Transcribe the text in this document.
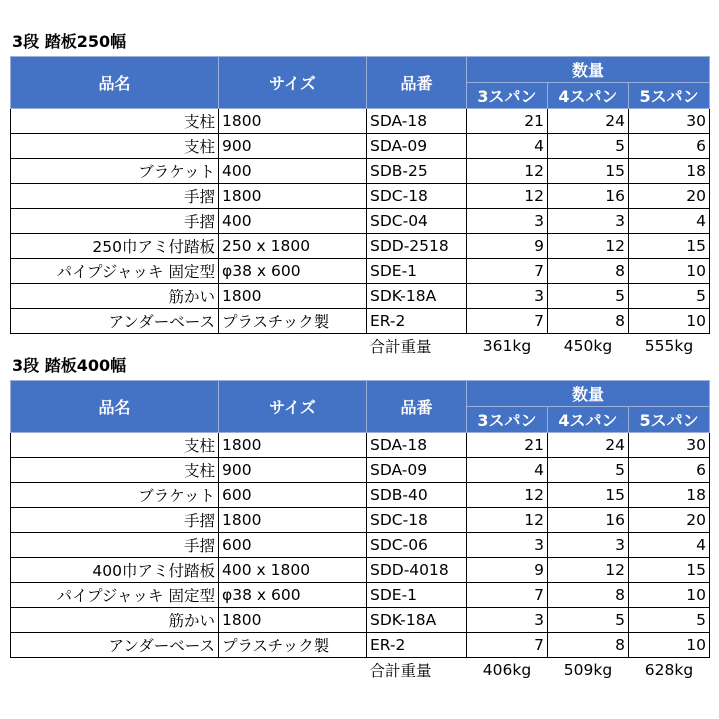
3段 踏板250幅
品名	サイズ	品番	数量		
			3スパン	4スパン	5スパン
支柱	1800	SDA-18	21	24	30
支柱	900	SDA-09	4	5	6
ブラケット	400	SDB-25	12	15	18
手摺	1800	SDC-18	12	16	20
手摺	400	SDC-04	3	3	4
250巾アミ付踏板	250 x 1800	SDD-2518	9	12	15
パイプジャッキ 固定型	φ38 x 600	SDE-1	7	8	10
筋かい	1800	SDK-18A	3	5	5
アンダーベース	プラスチック製	ER-2	7	8	10
		合計重量	361kg	450kg	555kg
3段 踏板400幅
品名	サイズ	品番	数量		
			3スパン	4スパン	5スパン
支柱	1800	SDA-18	21	24	30
支柱	900	SDA-09	4	5	6
ブラケット	600	SDB-40	12	15	18
手摺	1800	SDC-18	12	16	20
手摺	600	SDC-06	3	3	4
400巾アミ付踏板	400 x 1800	SDD-4018	9	12	15
パイプジャッキ 固定型	φ38 x 600	SDE-1	7	8	10
筋かい	1800	SDK-18A	3	5	5
アンダーベース	プラスチック製	ER-2	7	8	10
		合計重量	406kg	509kg	628kg
